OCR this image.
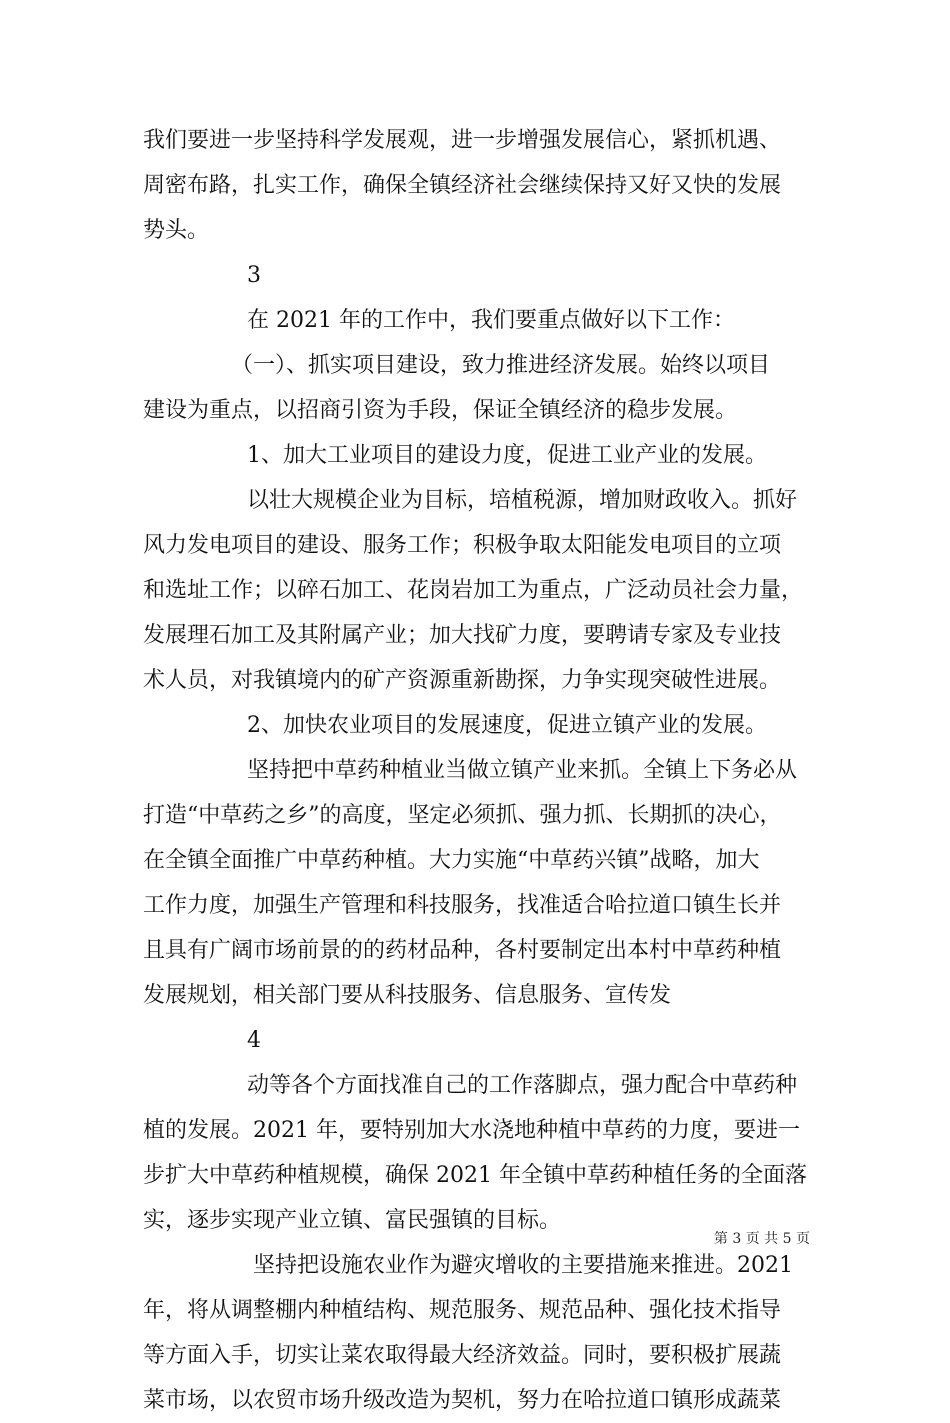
我们要进一步坚持科学发展观，进一步增强发展信心，紧抓机遇、
周密布路，扎实工作，确保全镇经济社会继续保持又好又快的发展
势头。
3
在 2021 年的工作中，我们要重点做好以下工作：
（一）、抓实项目建设，致力推进经济发展。始终以项目
建设为重点，以招商引资为手段，保证全镇经济的稳步发展。
1、加大工业项目的建设力度，促进工业产业的发展。
以壮大规模企业为目标，培植税源，增加财政收入。抓好
风力发电项目的建设、服务工作；积极争取太阳能发电项目的立项
和选址工作；以碎石加工、花岗岩加工为重点，广泛动员社会力量，
发展理石加工及其附属产业；加大找矿力度，要聘请专家及专业技
术人员，对我镇境内的矿产资源重新勘探，力争实现突破性进展。
2、加快农业项目的发展速度，促进立镇产业的发展。
坚持把中草药种植业当做立镇产业来抓。全镇上下务必从
打造“中草药之乡”的高度，坚定必须抓、强力抓、长期抓的决心，
在全镇全面推广中草药种植。大力实施“中草药兴镇”战略，加大
工作力度，加强生产管理和科技服务，找准适合哈拉道口镇生长并
且具有广阔市场前景的的药材品种，各村要制定出本村中草药种植
发展规划，相关部门要从科技服务、信息服务、宣传发
4
动等各个方面找准自己的工作落脚点，强力配合中草药种
植的发展。2021 年，要特别加大水浇地种植中草药的力度，要进一
步扩大中草药种植规模，确保 2021 年全镇中草药种植任务的全面落
实，逐步实现产业立镇、富民强镇的目标。
坚持把设施农业作为避灾增收的主要措施来推进。2021
年，将从调整棚内种植结构、规范服务、规范品种、强化技术指导
等方面入手，切实让菜农取得最大经济效益。同时，要积极扩展蔬
菜市场，以农贸市场升级改造为契机，努力在哈拉道口镇形成蔬菜
第 3 页 共 5 页
